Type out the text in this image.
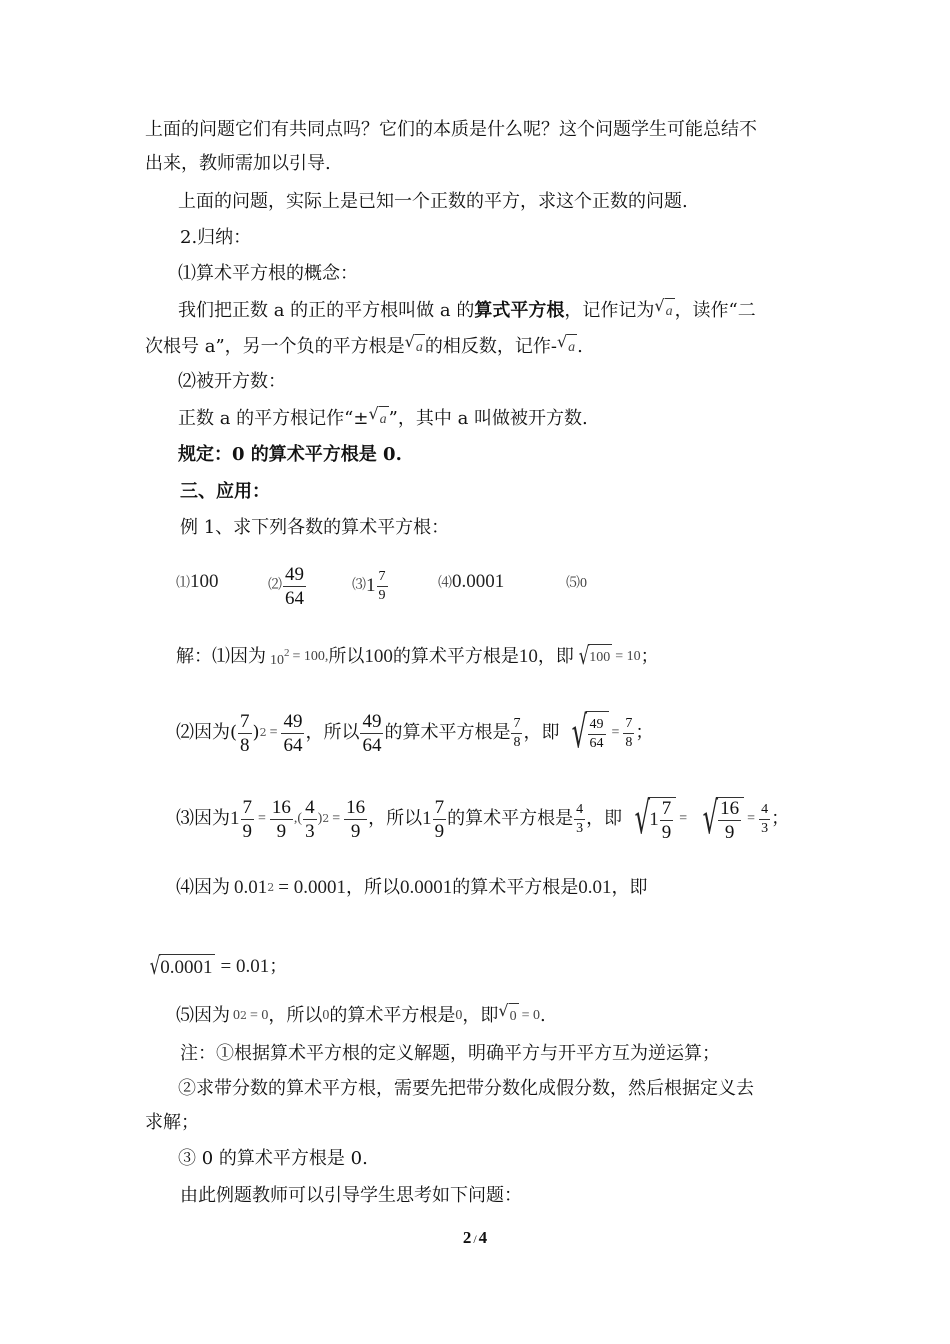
上面的问题它们有共同点吗？它们的本质是什么呢？这个问题学生可能总结不
出来，教师需加以引导.
上面的问题，实际上是已知一个正数的平方，求这个正数的问题.
2.归纳：
⑴算术平方根的概念：
我们把正数 a 的正的平方根叫做 a 的算式平方根，记作记为 √ a ，读作“二
次根号 a”，另一个负的平方根是 √ a 的相反数，记作- √ a .
⑵被开方数：
正数 a 的平方根记作“± √ a ”，其中 a 叫做被开方数.
规定：0 的算术平方根是 0.
三、应用：
例 1、求下列各数的算术平方根：
⑴100	⑵ $\frac{49}{64}$	⑶ $1 \frac{7}{9}$	⑷0.0001	⑸0
解：⑴因为 $10^2 = 100$, 所以 100 的算术平方根是 10 ，即 √ 100 = 10 ；
⑵因为( $\frac{7}{8}$ ) $2 = \frac{49}{64}$ ，所以 $\frac{49}{64}$ 的算术平方根是 $\frac{7}{8}$ ，即 √ $\frac{49}{64} = \frac{7}{8}$ ；
⑶因为 $1 \frac{7}{9} = \frac{16}{9}$ ,( $\frac{4}{3}$ ) $2 = \frac{16}{9}$ ，所以 $1 \frac{7}{9}$ 的算术平方根是 $\frac{4}{3}$ ，即 √ $1 \frac{7}{9}$ = √ $\frac{16}{9} = \frac{4}{3}$ ；
⑷因为 0.01 2 = 0.0001 ，所以 0.0001 的算术平方根是 0.01 ，即
√ 0.0001 = 0.01 ；
⑸因为 0 2 = 0 ，所以 0 的算术平方根是 0 ，即 √ 0 = 0 .
注：①根据算术平方根的定义解题，明确平方与开平方互为逆运算；
②求带分数的算术平方根，需要先把带分数化成假分数，然后根据定义去
求解；
③ 0 的算术平方根是 0.
由此例题教师可以引导学生思考如下问题：
2 / 4
